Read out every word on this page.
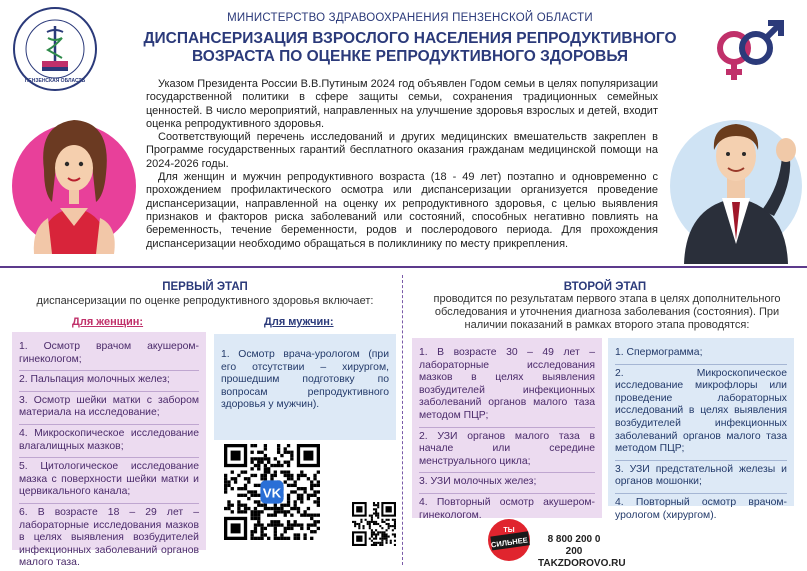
ПЕНЗЕНСКАЯ ОБЛАСТЬ
МИНИСТЕРСТВО ЗДРАВООХРАНЕНИЯ ПЕНЗЕНСКОЙ ОБЛАСТИ
ДИСПАНСЕРИЗАЦИЯ ВЗРОСЛОГО НАСЕЛЕНИЯ РЕПРОДУКТИВНОГО
ВОЗРАСТА ПО ОЦЕНКЕ РЕПРОДУКТИВНОГО ЗДОРОВЬЯ

Указом Президента России В.В.Путиным 2024 год объявлен Годом семьи в целях популяризации государственной политики в сфере защиты семьи, сохранения традиционных семейных ценностей. В число мероприятий, направленных на улучшение здоровья взрослых и детей, входит оценка репродуктивного здоровья.

Соответствующий перечень исследований и других медицинских вмешательств закреплен в Программе государственных гарантий бесплатного оказания гражданам медицинской помощи на 2024-2026 годы.

Для женщин и мужчин репродуктивного возраста (18 - 49 лет) поэтапно и одновременно с прохождением профилактического осмотра или диспансеризации организуется проведение диспансеризации, направленной на оценку их репродуктивного здоровья, с целью выявления признаков и факторов риска заболеваний или состояний, способных негативно повлиять на беременность, течение беременности, родов и послеродового периода. Для прохождения диспансеризации необходимо обращаться в поликлинику по месту прикрепления.

ПЕРВЫЙ ЭТАП
диспансеризации по оценке репродуктивного здоровья включает:
Для женщин:	Для мужчин:
1. Осмотр врачом акушером-гинекологом;
2. Пальпация молочных желез;
3. Осмотр шейки матки с забором материала на исследование;
4. Микроскопическое исследование влагалищных мазков;
5. Цитологическое исследование мазка с поверхности шейки матки и цервикального канала;
6. В возрасте 18 – 29 лет – лабораторные исследования мазков в целях выявления возбудителей инфекционных заболеваний органов малого таза.
1. Осмотр врача-урологом (при его отсутствии – хирургом, прошедшим подготовку по вопросам репродуктивного здоровья у мужчин).
VK
ВТОРОЙ ЭТАП
проводится по результатам первого этапа в целях дополнительного обследования и уточнения диагноза заболевания (состояния). При наличии показаний в рамках второго этапа проводятся:
1. В возрасте 30 – 49 лет – лабораторные исследования мазков в целях выявления возбудителей инфекционных заболеваний органов малого таза методом ПЦР;
2. УЗИ органов малого таза в начале или середине менструального цикла;
3. УЗИ молочных желез;
4. Повторный осмотр акушером-гинекологом.
1. Спермограмма;
2. Микроскопическое исследование микрофлоры или проведение лабораторных исследований в целях выявления возбудителей инфекционных заболеваний органов малого таза методом ПЦР;
3. УЗИ предстательной железы и органов мошонки;
4. Повторный осмотр врачом-урологом (хирургом).
ТЫ
СИЛЬНЕЕ	8 800 200 0 200
TAKZDOROVO.RU
